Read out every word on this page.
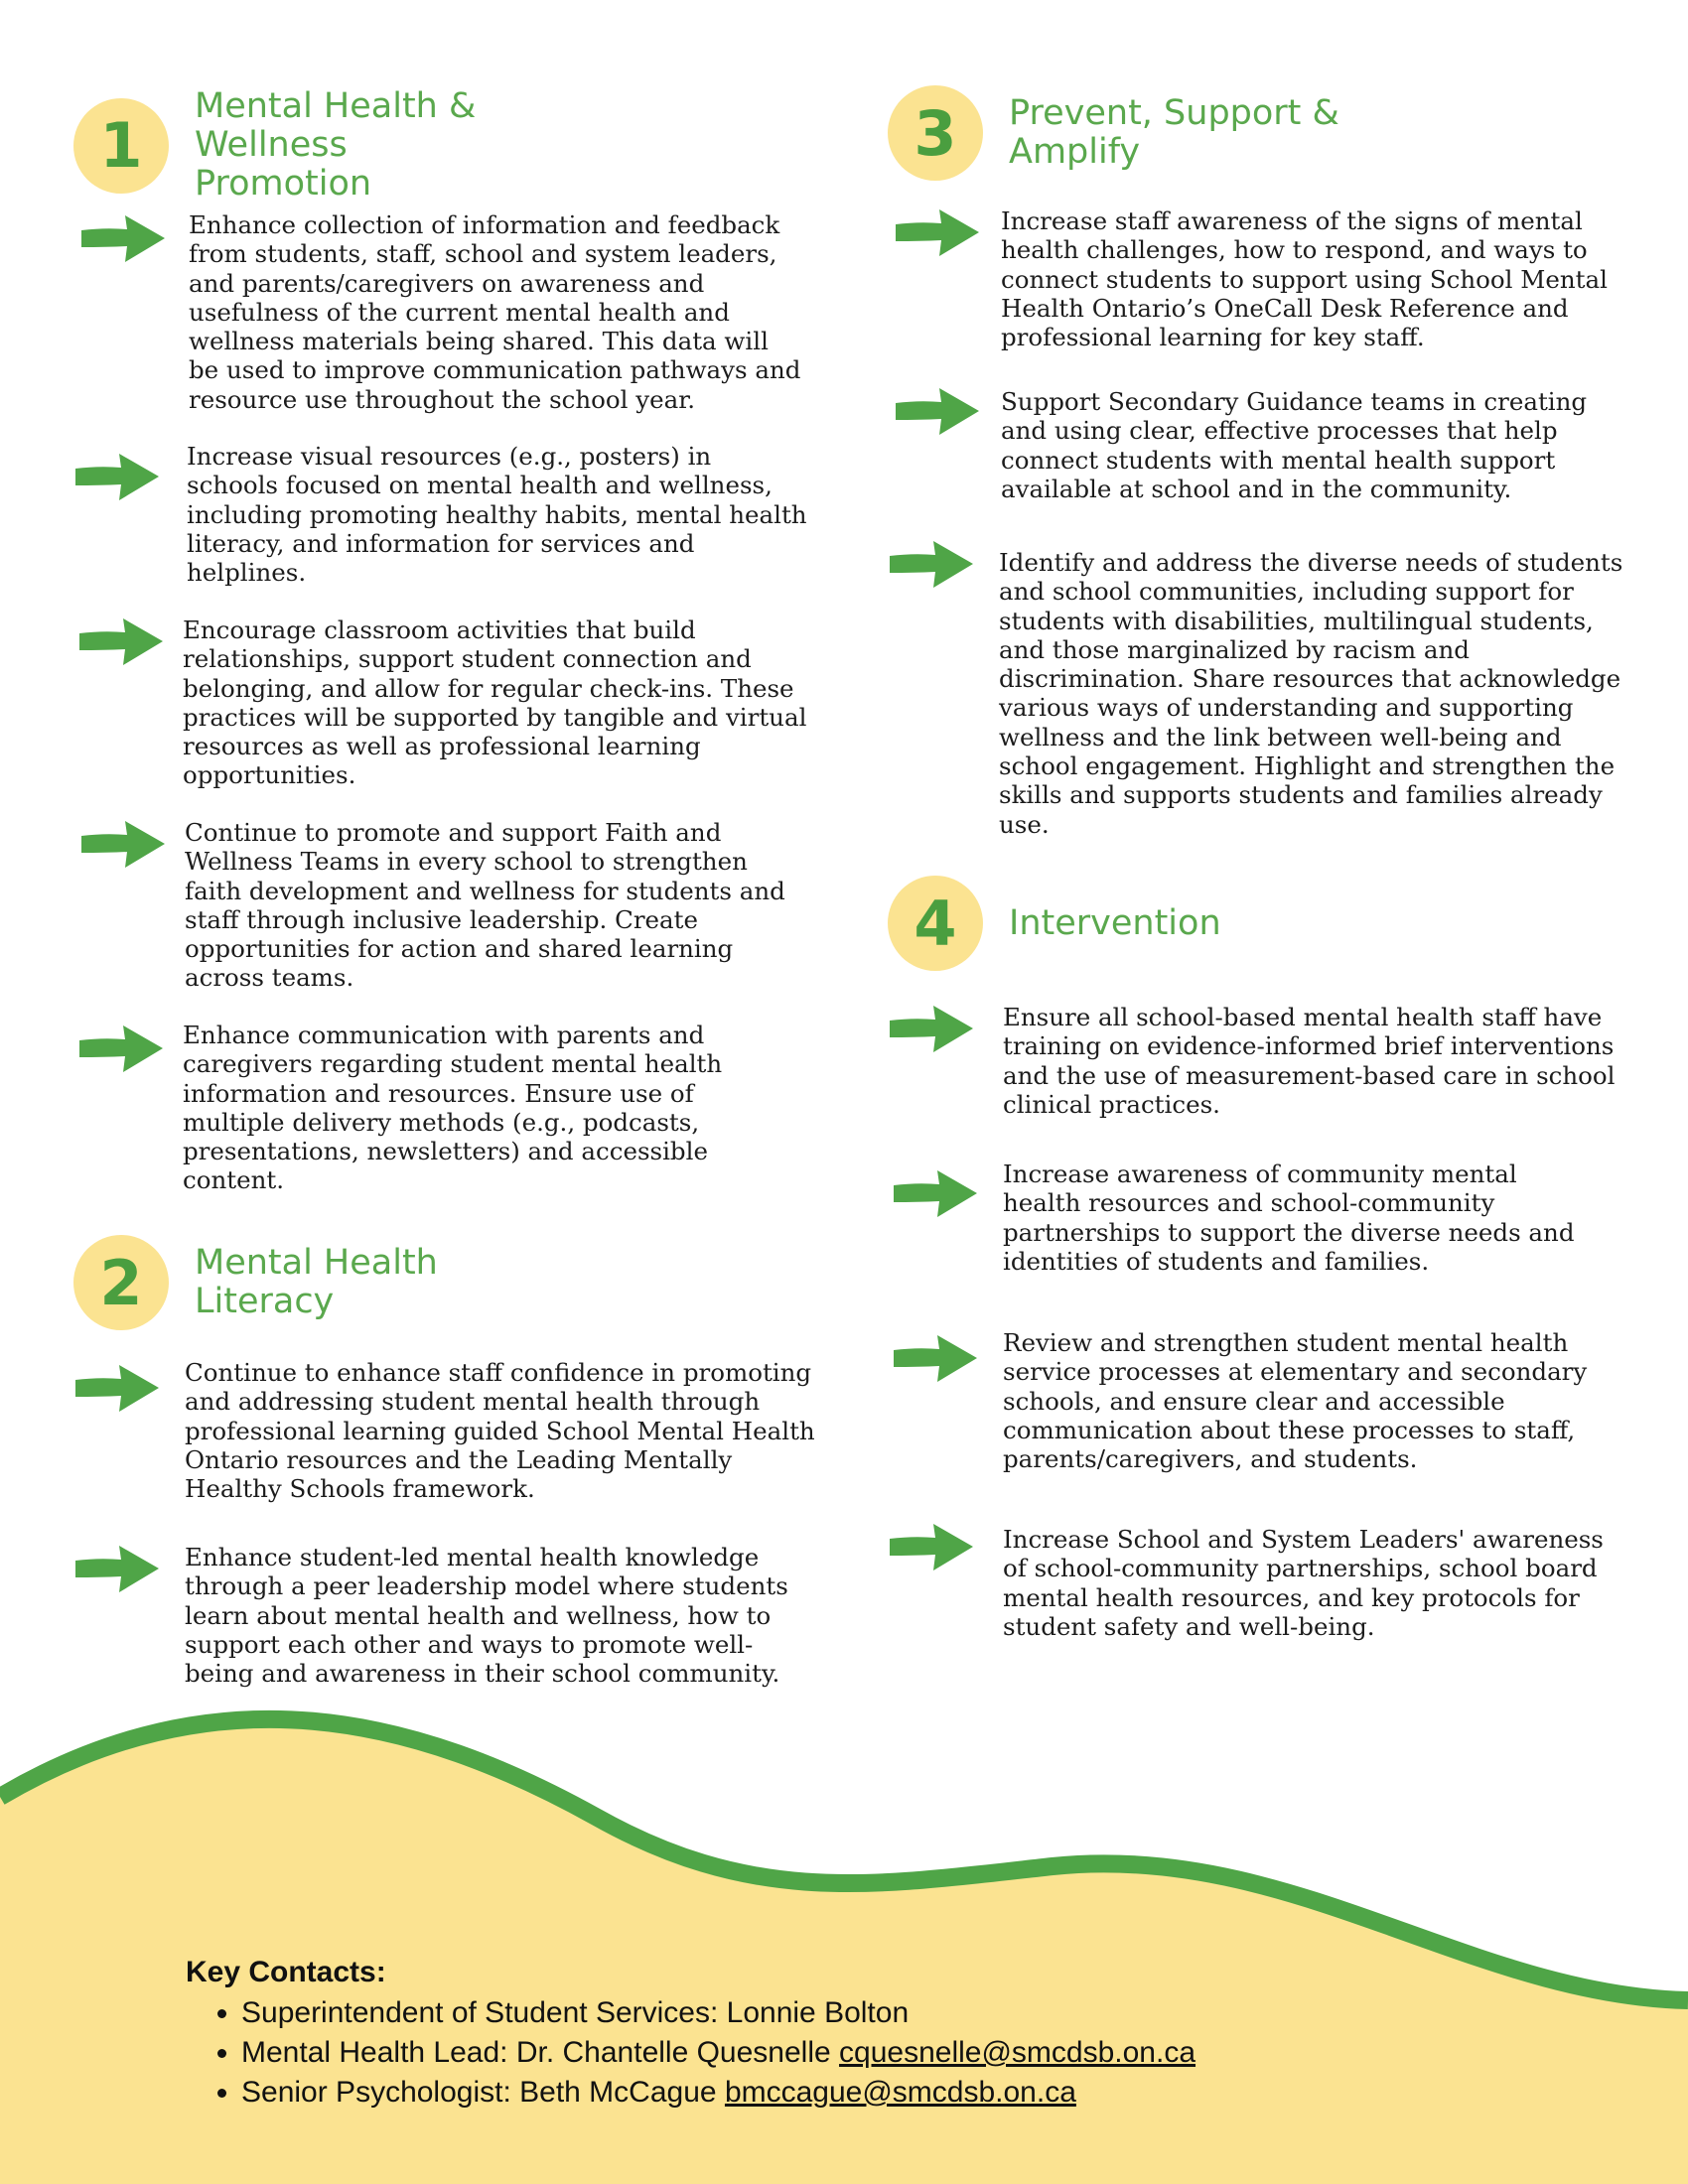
1
Mental Health & Wellness Promotion
Enhance collection of information and feedback from students, staff, school and system leaders, and parents/caregivers on awareness and usefulness of the current mental health and wellness materials being shared. This data will be used to improve communication pathways and resource use throughout the school year.
Increase visual resources (e.g., posters) in schools focused on mental health and wellness, including promoting healthy habits, mental health literacy, and information for services and helplines.
Encourage classroom activities that build relationships, support student connection and belonging, and allow for regular check-ins. These practices will be supported by tangible and virtual resources as well as professional learning opportunities.
Continue to promote and support Faith and Wellness Teams in every school to strengthen faith development and wellness for students and staff through inclusive leadership. Create opportunities for action and shared learning across teams.
Enhance communication with parents and caregivers regarding student mental health information and resources. Ensure use of multiple delivery methods (e.g., podcasts, presentations, newsletters) and accessible content.
2	Mental Health Literacy
Continue to enhance staff confidence in promoting and addressing student mental health through professional learning guided School Mental Health Ontario resources and the Leading Mentally Healthy Schools framework.
Enhance student-led mental health knowledge through a peer leadership model where students learn about mental health and wellness, how to support each other and ways to promote well-being and awareness in their school community.
3	Prevent, Support & Amplify
Increase staff awareness of the signs of mental health challenges, how to respond, and ways to connect students to support using School Mental Health Ontario’s OneCall Desk Reference and professional learning for key staff.
Support Secondary Guidance teams in creating and using clear, effective processes that help connect students with mental health support available at school and in the community.
Identify and address the diverse needs of students and school communities, including support for students with disabilities, multilingual students, and those marginalized by racism and discrimination. Share resources that acknowledge various ways of understanding and supporting wellness and the link between well-being and school engagement. Highlight and strengthen the skills and supports students and families already use.
4	Intervention
Ensure all school-based mental health staff have training on evidence-informed brief interventions and the use of measurement-based care in school clinical practices.
Increase awareness of community mental health resources and school-community partnerships to support the diverse needs and identities of students and families.
Review and strengthen student mental health service processes at elementary and secondary schools, and ensure clear and accessible communication about these processes to staff, parents/caregivers, and students.
Increase School and System Leaders' awareness of school-community partnerships, school board mental health resources, and key protocols for student safety and well-being.
Key Contacts:
• Superintendent of Student Services: Lonnie Bolton
• Mental Health Lead: Dr. Chantelle Quesnelle cquesnelle@smcdsb.on.ca
• Senior Psychologist: Beth McCague bmccague@smcdsb.on.ca
